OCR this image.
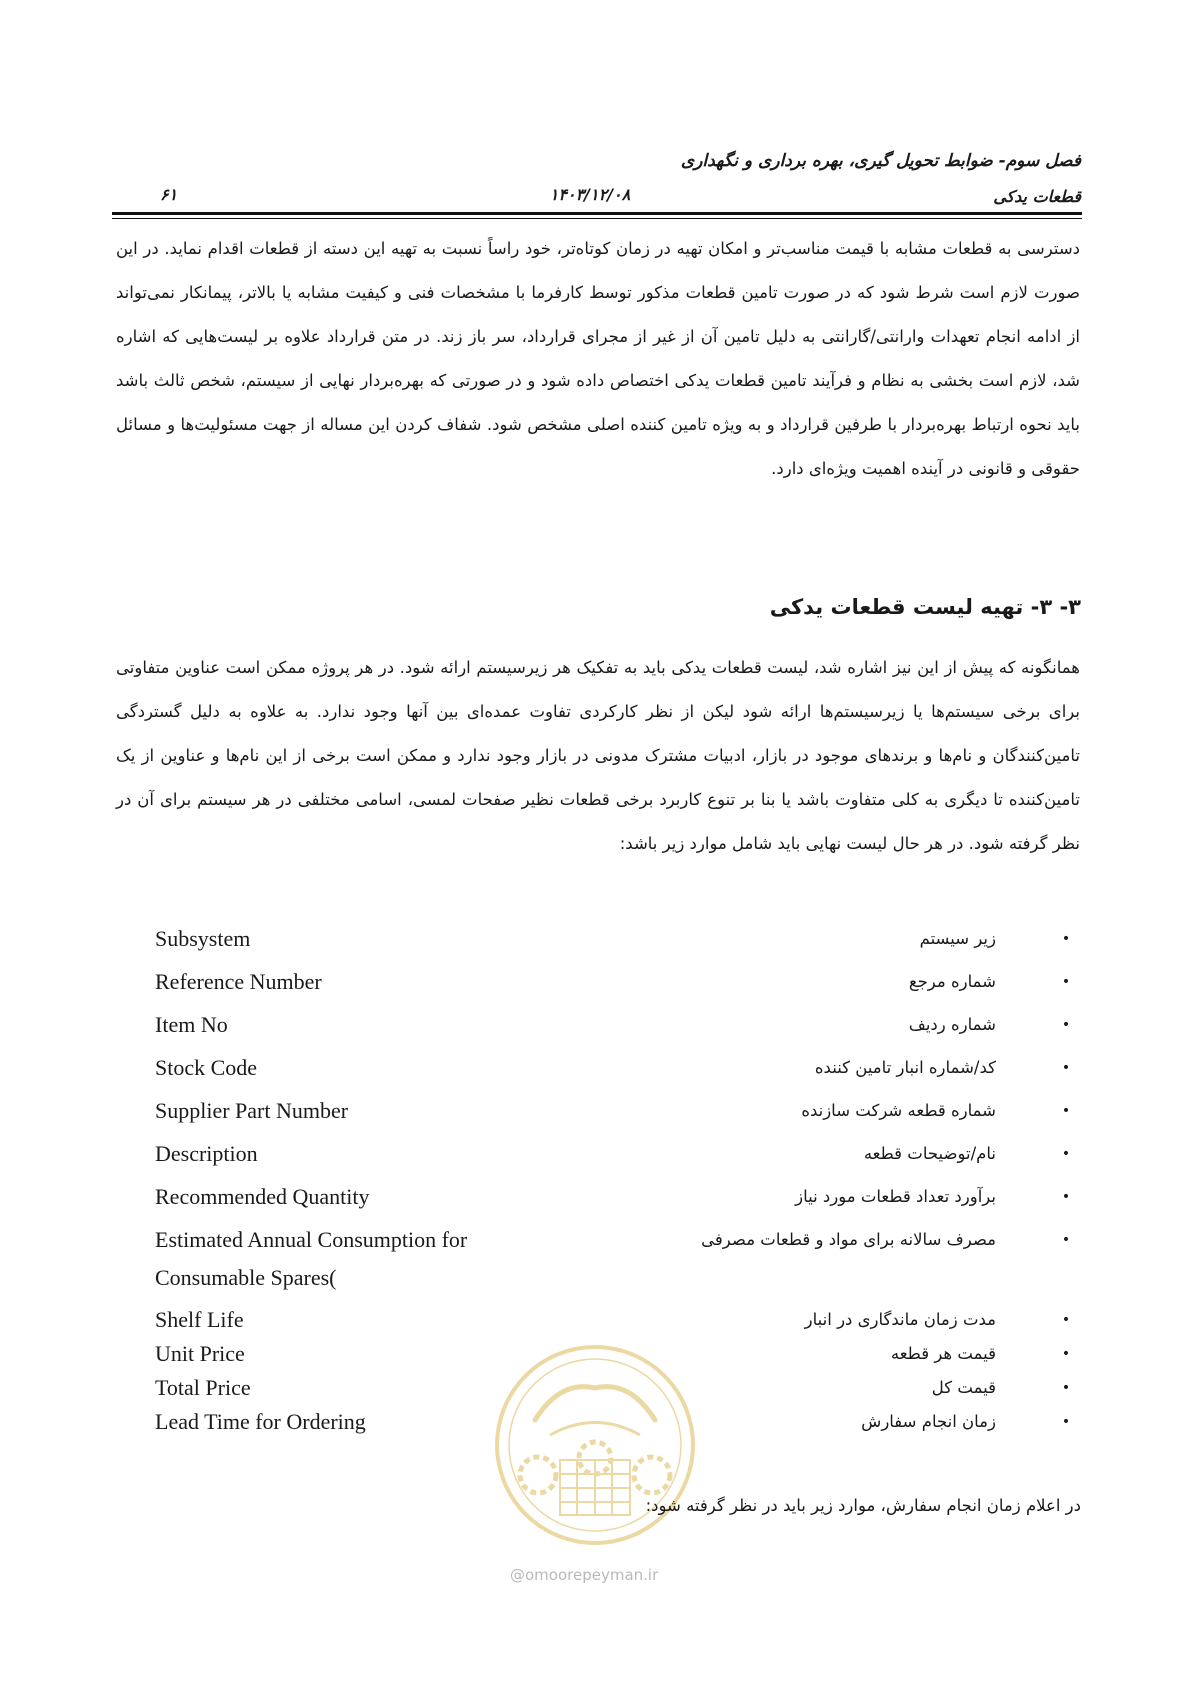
فصل سوم- ضوابط تحویل گیری، بهره برداری و نگهداری
قطعات یدکی
۱۴۰۳/۱۲/۰۸
۶۱
دسترسی به قطعات مشابه با قیمت مناسب‌تر و امکان تهیه در زمان کوتاه‌تر، خود راساً نسبت به تهیه این دسته از قطعات اقدام نماید. در این صورت لازم است شرط شود که در صورت تامین قطعات مذکور توسط کارفرما با مشخصات فنی و کیفیت مشابه یا بالاتر، پیمانکار نمی‌تواند از ادامه انجام تعهدات وارانتی/گارانتی به دلیل تامین آن از غیر از مجرای قرارداد، سر باز زند. در متن قرارداد علاوه بر لیست‌هایی که اشاره شد، لازم است بخشی به نظام و فرآیند تامین قطعات یدکی اختصاص داده شود و در صورتی که بهره‌بردار نهایی از سیستم، شخص ثالث باشد باید نحوه ارتباط بهره‌بردار با طرفین قرارداد و به ویژه تامین کننده اصلی مشخص شود. شفاف کردن این مساله از جهت مسئولیت‌ها و مسائل حقوقی و قانونی در آینده اهمیت ویژه‌ای دارد.
۳- ۳- تهیه لیست قطعات یدکی
همانگونه که پیش از این نیز اشاره شد، لیست قطعات یدکی باید به تفکیک هر زیرسیستم ارائه شود. در هر پروژه ممکن است عناوین متفاوتی برای برخی سیستم‌ها یا زیرسیستم‌ها ارائه شود لیکن از نظر کارکردی تفاوت عمده‌ای بین آنها وجود ندارد. به علاوه به دلیل گستردگی تامین‌کنندگان و نام‌ها و برندهای موجود در بازار، ادبیات مشترک مدونی در بازار وجود ندارد و ممکن است برخی از این نام‌ها و عناوین از یک تامین‌کننده تا دیگری به کلی متفاوت باشد یا بنا بر تنوع کاربرد برخی قطعات نظیر صفحات لمسی، اسامی مختلفی در هر سیستم برای آن در نظر گرفته شود. در هر حال لیست نهایی باید شامل موارد زیر باشد:
•
زیر سیستم
Subsystem
•
شماره مرجع
Reference Number
•
شماره ردیف
Item No
•
کد/شماره انبار تامین کننده
Stock Code
•
شماره قطعه شرکت سازنده
Supplier Part Number
•
نام/توضیحات قطعه
Description
•
برآورد تعداد قطعات مورد نیاز
Recommended Quantity
•
مصرف سالانه برای مواد و قطعات مصرفی
Estimated Annual Consumption for
Consumable Spares(
•
مدت زمان ماندگاری در انبار
Shelf Life
•
قیمت هر قطعه
Unit Price
•
قیمت کل
Total Price
•
زمان انجام سفارش
Lead Time for Ordering
@omoorepeyman.ir
در اعلام زمان انجام سفارش، موارد زیر باید در نظر گرفته شود:
